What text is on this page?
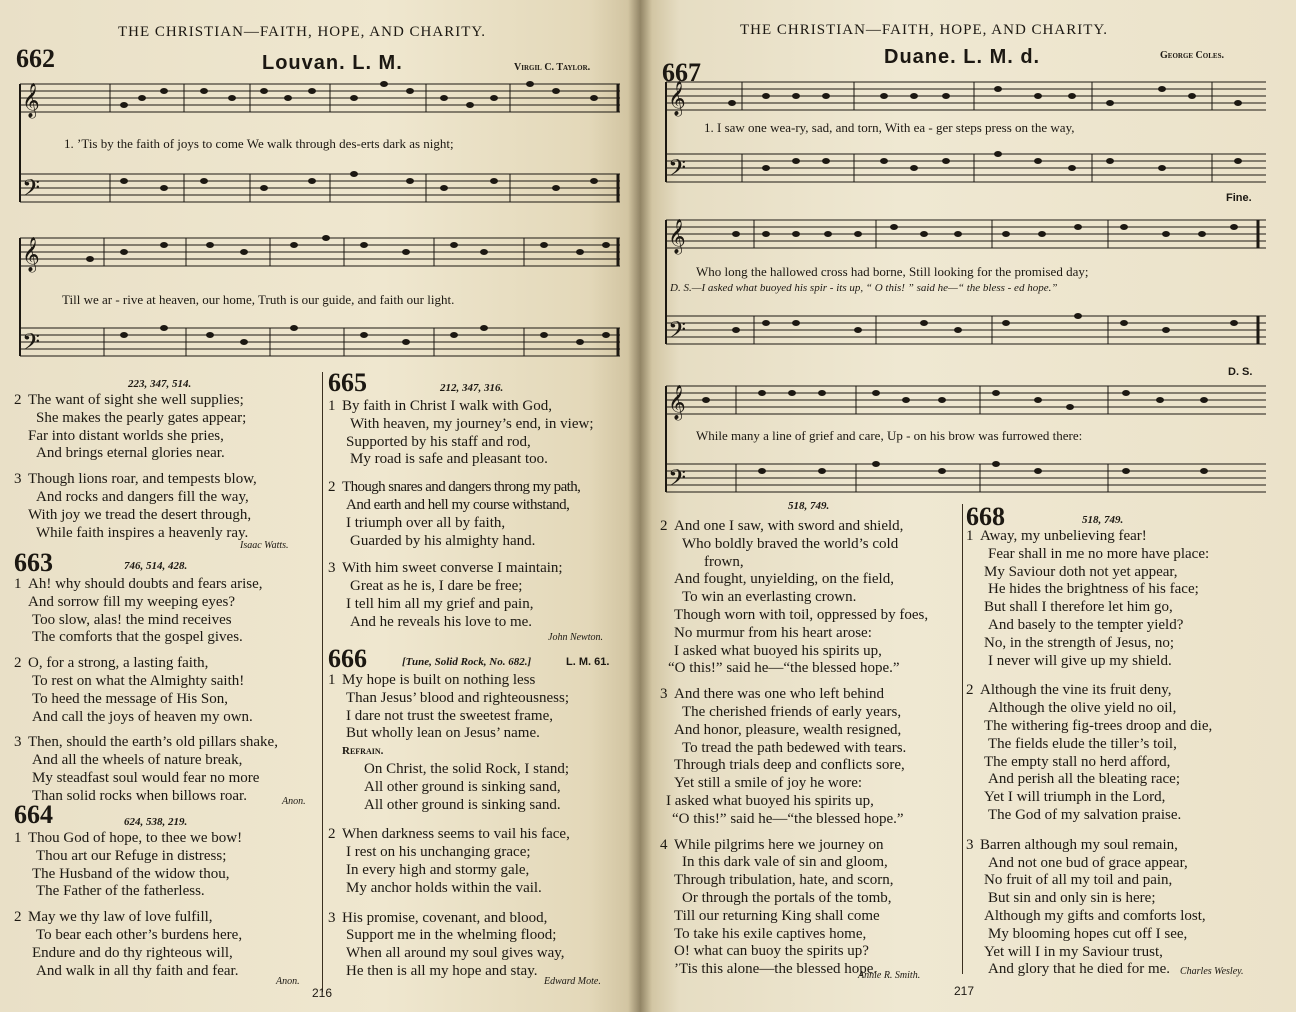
THE CHRISTIAN—FAITH, HOPE, AND CHARITY.
662	Louvan. L. M.	Virgil C. Taylor.
𝄞
𝄢
𝄞
𝄢
1. ’Tis by the faith of joys to come We walk through des-erts dark as night;
Till we ar - rive at heaven, our home, Truth is our guide, and faith our light.
223, 347, 514.
2 The want of sight she well supplies;
She makes the pearly gates appear;
Far into distant worlds she pries,
And brings eternal glories near.
3 Though lions roar, and tempests blow,
And rocks and dangers fill the way,
With joy we tread the desert through,
While faith inspires a heavenly ray.
Isaac Watts.
663	746, 514, 428.
1 Ah! why should doubts and fears arise,
And sorrow fill my weeping eyes?
Too slow, alas! the mind receives
The comforts that the gospel gives.
2 O, for a strong, a lasting faith,
To rest on what the Almighty saith!
To heed the message of His Son,
And call the joys of heaven my own.
3 Then, should the earth’s old pillars shake,
And all the wheels of nature break,
My steadfast soul would fear no more
Than solid rocks when billows roar.	Anon.
664	624, 538, 219.
1 Thou God of hope, to thee we bow!
Thou art our Refuge in distress;
The Husband of the widow thou,
The Father of the fatherless.
2 May we thy law of love fulfill,
To bear each other’s burdens here,
Endure and do thy righteous will,
And walk in all thy faith and fear.
Anon.
665	212, 347, 316.
1 By faith in Christ I walk with God,
With heaven, my journey’s end, in view;
Supported by his staff and rod,
My road is safe and pleasant too.
2 Though snares and dangers throng my path,
And earth and hell my course withstand,
I triumph over all by faith,
Guarded by his almighty hand.
3 With him sweet converse I maintain;
Great as he is, I dare be free;
I tell him all my grief and pain,
And he reveals his love to me.
John Newton.
666	[Tune, Solid Rock, No. 682.]	L. M. 61.
1 My hope is built on nothing less
Than Jesus’ blood and righteousness;
I dare not trust the sweetest frame,
But wholly lean on Jesus’ name.
Refrain.
On Christ, the solid Rock, I stand;
All other ground is sinking sand,
All other ground is sinking sand.
2 When darkness seems to vail his face,
I rest on his unchanging grace;
In every high and stormy gale,
My anchor holds within the vail.
3 His promise, covenant, and blood,
Support me in the whelming flood;
When all around my soul gives way,
He then is all my hope and stay.
Edward Mote.
216
THE CHRISTIAN—FAITH, HOPE, AND CHARITY.
667
Duane. L. M. d.	George Coles.
𝄞
𝄢
𝄞
𝄢
𝄞
𝄢
1. I saw one wea-ry, sad, and torn, With ea - ger steps press on the way,
Fine.
Who long the hallowed cross had borne, Still looking for the promised day;
D. S.—I asked what buoyed his spir - its up, “ O this! ” said he—“ the bless - ed hope.”
D. S.
While many a line of grief and care, Up - on his brow was furrowed there:
518, 749.
2 And one I saw, with sword and shield,
Who boldly braved the world’s cold
frown,
And fought, unyielding, on the field,
To win an everlasting crown.
Though worn with toil, oppressed by foes,
No murmur from his heart arose:
I asked what buoyed his spirits up,
“O this!” said he—“the blessed hope.”
3 And there was one who left behind
The cherished friends of early years,
And honor, pleasure, wealth resigned,
To tread the path bedewed with tears.
Through trials deep and conflicts sore,
Yet still a smile of joy he wore:
I asked what buoyed his spirits up,
“O this!” said he—“the blessed hope.”
4 While pilgrims here we journey on
In this dark vale of sin and gloom,
Through tribulation, hate, and scorn,
Or through the portals of the tomb,
Till our returning King shall come
To take his exile captives home,
O! what can buoy the spirits up?
’Tis this alone—the blessed hope.
Annie R. Smith.
668	518, 749.
1 Away, my unbelieving fear!
Fear shall in me no more have place:
My Saviour doth not yet appear,
He hides the brightness of his face;
But shall I therefore let him go,
And basely to the tempter yield?
No, in the strength of Jesus, no;
I never will give up my shield.
2 Although the vine its fruit deny,
Although the olive yield no oil,
The withering fig-trees droop and die,
The fields elude the tiller’s toil,
The empty stall no herd afford,
And perish all the bleating race;
Yet I will triumph in the Lord,
The God of my salvation praise.
3 Barren although my soul remain,
And not one bud of grace appear,
No fruit of all my toil and pain,
But sin and only sin is here;
Although my gifts and comforts lost,
My blooming hopes cut off I see,
Yet will I in my Saviour trust,
And glory that he died for me. Charles Wesley.
217
